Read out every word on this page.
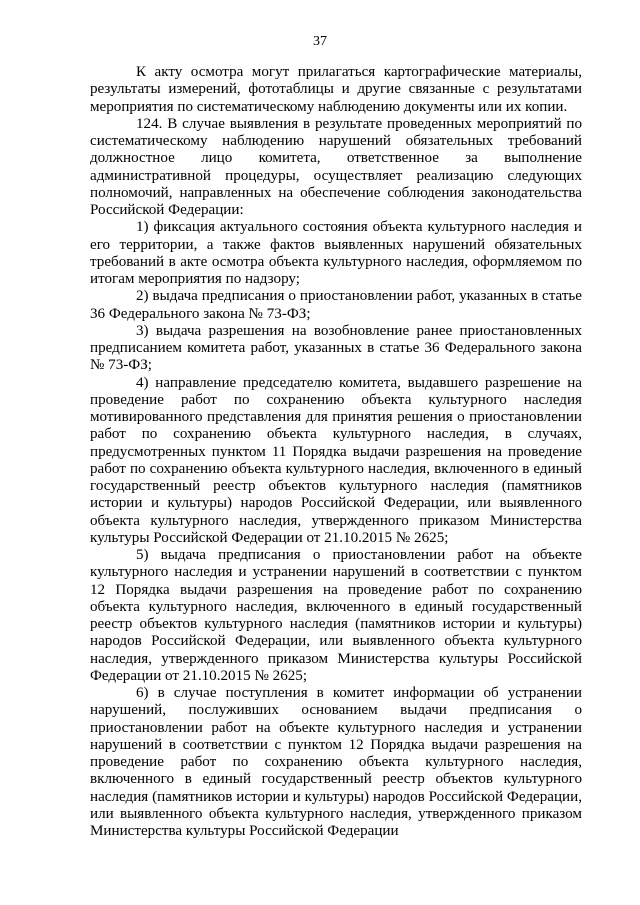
37

К акту осмотра могут прилагаться картографические материалы, результаты измерений, фототаблицы и другие связанные с результатами мероприятия по систематическому наблюдению документы или их копии.

124. В случае выявления в результате проведенных мероприятий по систематическому наблюдению нарушений обязательных требований должностное лицо комитета, ответственное за выполнение административной процедуры, осуществляет реализацию следующих полномочий, направленных на обеспечение соблюдения законодательства Российской Федерации:

1) фиксация актуального состояния объекта культурного наследия и его территории, а также фактов выявленных нарушений обязательных требований в акте осмотра объекта культурного наследия, оформляемом по итогам мероприятия по надзору;

2) выдача предписания о приостановлении работ, указанных в статье 36 Федерального закона № 73-ФЗ;

3) выдача разрешения на возобновление ранее приостановленных предписанием комитета работ, указанных в статье 36 Федерального закона № 73-ФЗ;

4) направление председателю комитета, выдавшего разрешение на проведение работ по сохранению объекта культурного наследия мотивированного представления для принятия решения о приостановлении работ по сохранению объекта культурного наследия, в случаях, предусмотренных пунктом 11 Порядка выдачи разрешения на проведение работ по сохранению объекта культурного наследия, включенного в единый государственный реестр объектов культурного наследия (памятников истории и культуры) народов Российской Федерации, или выявленного объекта культурного наследия, утвержденного приказом Министерства культуры Российской Федерации от 21.10.2015 № 2625;

5) выдача предписания о приостановлении работ на объекте культурного наследия и устранении нарушений в соответствии с пунктом 12 Порядка выдачи разрешения на проведение работ по сохранению объекта культурного наследия, включенного в единый государственный реестр объектов культурного наследия (памятников истории и культуры) народов Российской Федерации, или выявленного объекта культурного наследия, утвержденного приказом Министерства культуры Российской Федерации от 21.10.2015 № 2625;

6) в случае поступления в комитет информации об устранении нарушений, послуживших основанием выдачи предписания о приостановлении работ на объекте культурного наследия и устранении нарушений в соответствии с пунктом 12 Порядка выдачи разрешения на проведение работ по сохранению объекта культурного наследия, включенного в единый государственный реестр объектов культурного наследия (памятников истории и культуры) народов Российской Федерации, или выявленного объекта культурного наследия, утвержденного приказом Министерства культуры Российской Федерации
